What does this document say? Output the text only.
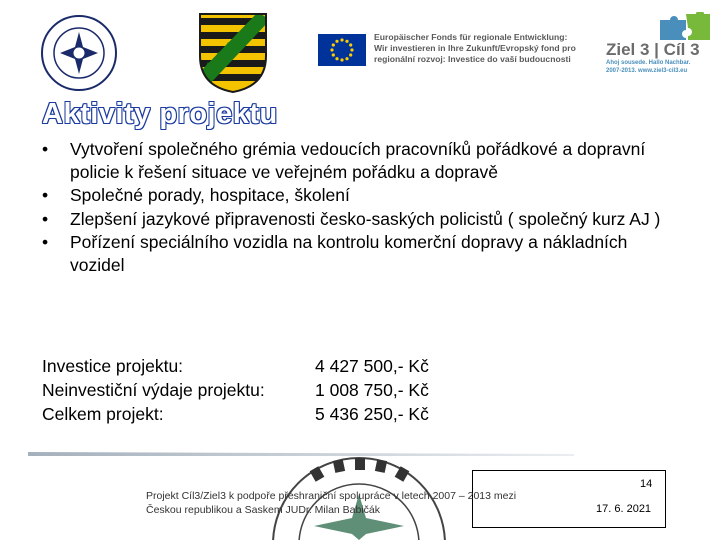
Europäischer Fonds für regionale Entwicklung:
Wir investieren in Ihre Zukunft/Evropský fond pro
regionální rozvoj: Investice do vaší budoucnosti	Ziel 3 | Cíl 3
Ahoj sousede. Hallo Nachbar.
2007-2013. www.ziel3-cil3.eu
Aktivity projektu
• Vytvoření společného grémia vedoucích pracovníků pořádkové a dopravní policie k řešení situace ve veřejném pořádku a dopravě
• Společné porady, hospitace, školení
• Zlepšení jazykové připravenosti česko-saských policistů ( společný kurz AJ )
• Pořízení speciálního vozidla na kontrolu komerční dopravy a nákladních vozidel
Investice projektu:	4 427 500,- Kč
Neinvestiční výdaje projektu:	1 008 750,- Kč
Celkem projekt:	5 436 250,- Kč
Projekt Cíl3/Ziel3 k podpoře přeshraniční spolupráce v letech 2007 – 2013 mezi
Českou republikou a Saskem JUDr. Milan Babičák
14
17. 6. 2021
